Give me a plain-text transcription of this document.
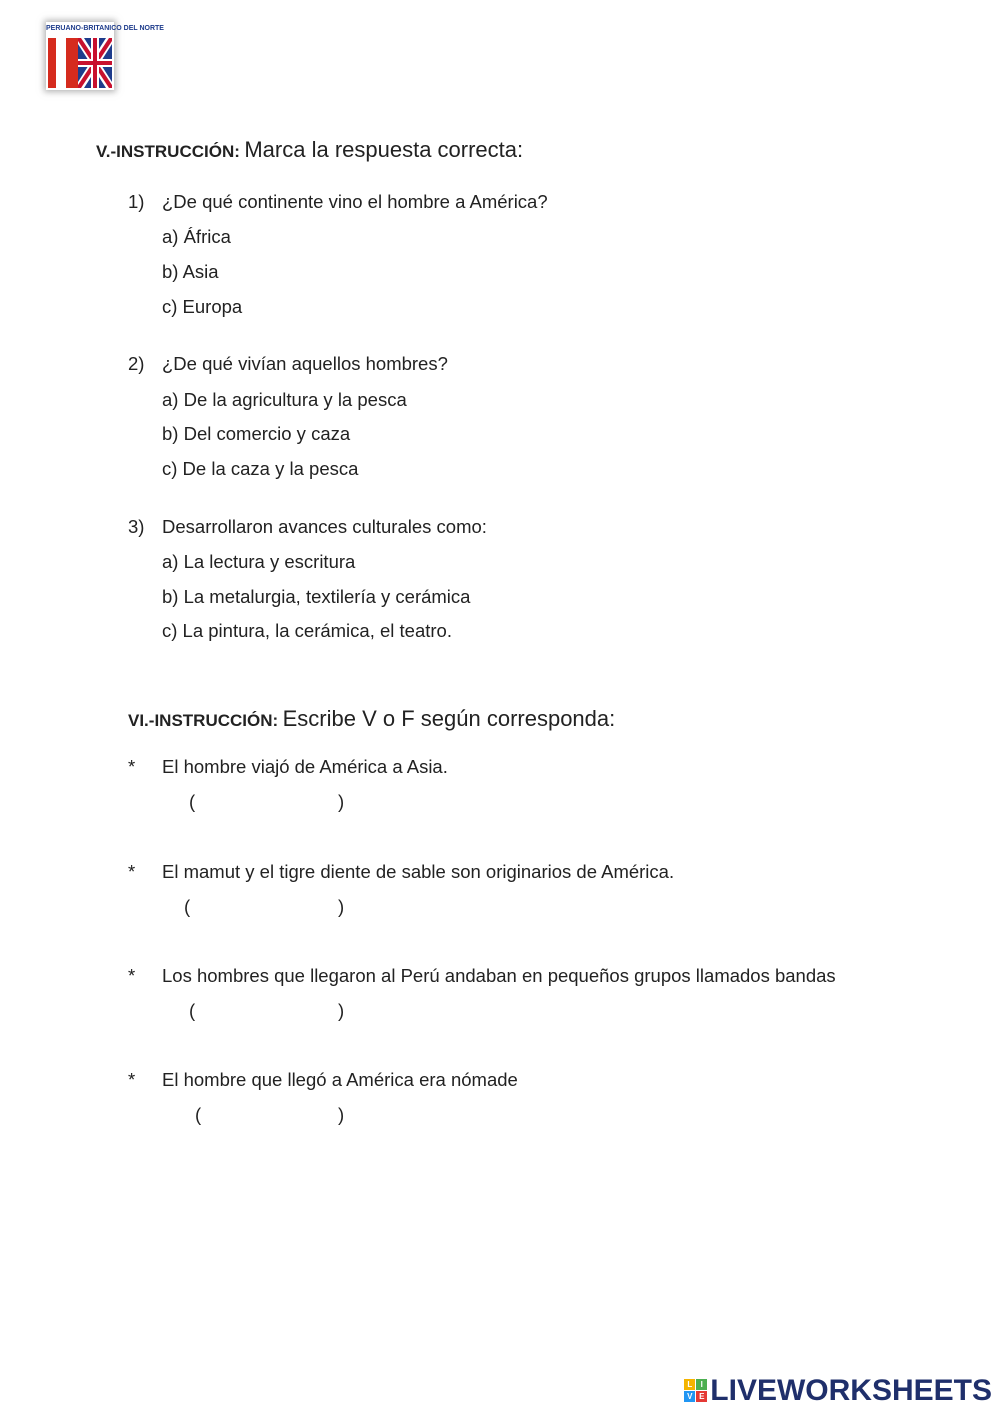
PERUANO-BRITANICO DEL NORTE
V.-INSTRUCCIÓN: Marca la respuesta correcta:
1) ¿De qué continente vino el hombre a América?
a) África
b) Asia
c) Europa
2) ¿De qué vivían aquellos hombres?
a) De la agricultura y la pesca
b) Del comercio y caza
c) De la caza y la pesca
3) Desarrollaron avances culturales como:
a) La lectura y escritura
b) La metalurgia, textilería y cerámica
c) La pintura, la cerámica, el teatro.
VI.-INSTRUCCIÓN: Escribe V o F según corresponda:
* El hombre viajó de América a Asia.
(	)
* El mamut y el tigre diente de sable son originarios de América.
(	)
* Los hombres que llegaron al Perú andaban en pequeños grupos llamados bandas
(	)
* El hombre que llegó a América era nómade
(	)
L	I
V E LIVEWORKSHEETS
